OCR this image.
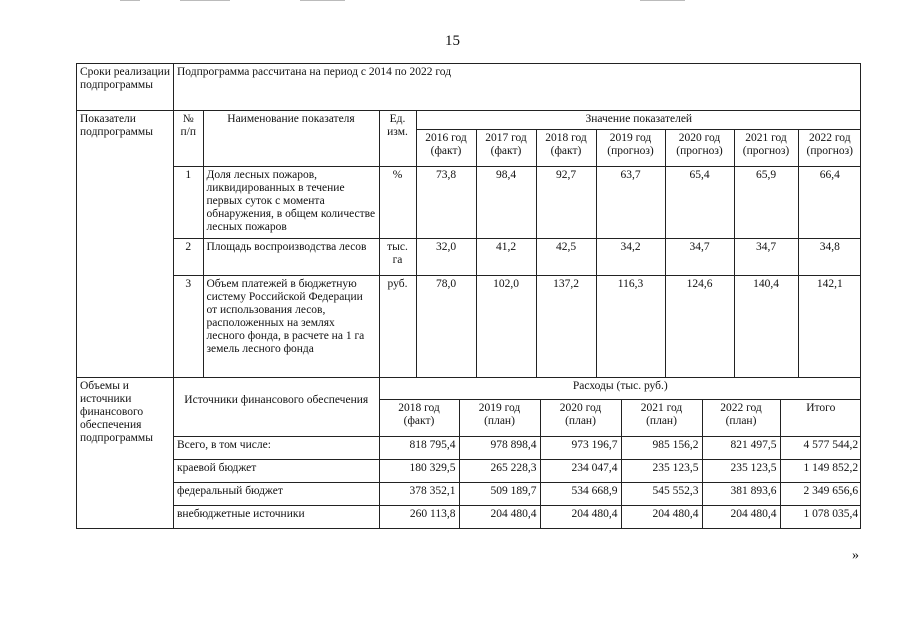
15
Сроки реализации подпрограммы	Подпрограмма рассчитана на период с 2014 по 2022 год
Показатели подпрограммы	
№ п/п	Наименование показателя	Ед. изм.	Значение показателей
2016 год (факт)	2017 год (факт)	2018 год (факт)	2019 год (прогноз)	2020 год (прогноз)	2021 год (прогноз)	2022 год (прогноз)
1	Доля лесных пожаров, ликвидированных в течение первых суток с момента обнаружения, в общем количестве лесных пожаров	%	73,8	98,4	92,7	63,7	65,4	65,9	66,4
2	Площадь воспроизводства лесов	тыс. га	32,0	41,2	42,5	34,2	34,7	34,7	34,8
3	Объем платежей в бюджетную систему Российской Федерации от использования лесов, расположенных на землях лесного фонда, в расчете на 1 га земель лесного фонда	руб.	78,0	102,0	137,2	116,3	124,6	140,4	142,1

Объемы и источники финансового обеспечения подпрограммы	
Источники финансового обеспечения	Расходы (тыс. руб.)
2018 год (факт)	2019 год (план)	2020 год (план)	2021 год (план)	2022 год (план)	Итого
Всего, в том числе:	818 795,4	978 898,4	973 196,7	985 156,2	821 497,5	4 577 544,2
краевой бюджет	180 329,5	265 228,3	234 047,4	235 123,5	235 123,5	1 149 852,2
федеральный бюджет	378 352,1	509 189,7	534 668,9	545 552,3	381 893,6	2 349 656,6
внебюджетные источники	260 113,8	204 480,4	204 480,4	204 480,4	204 480,4	1 078 035,4
»
